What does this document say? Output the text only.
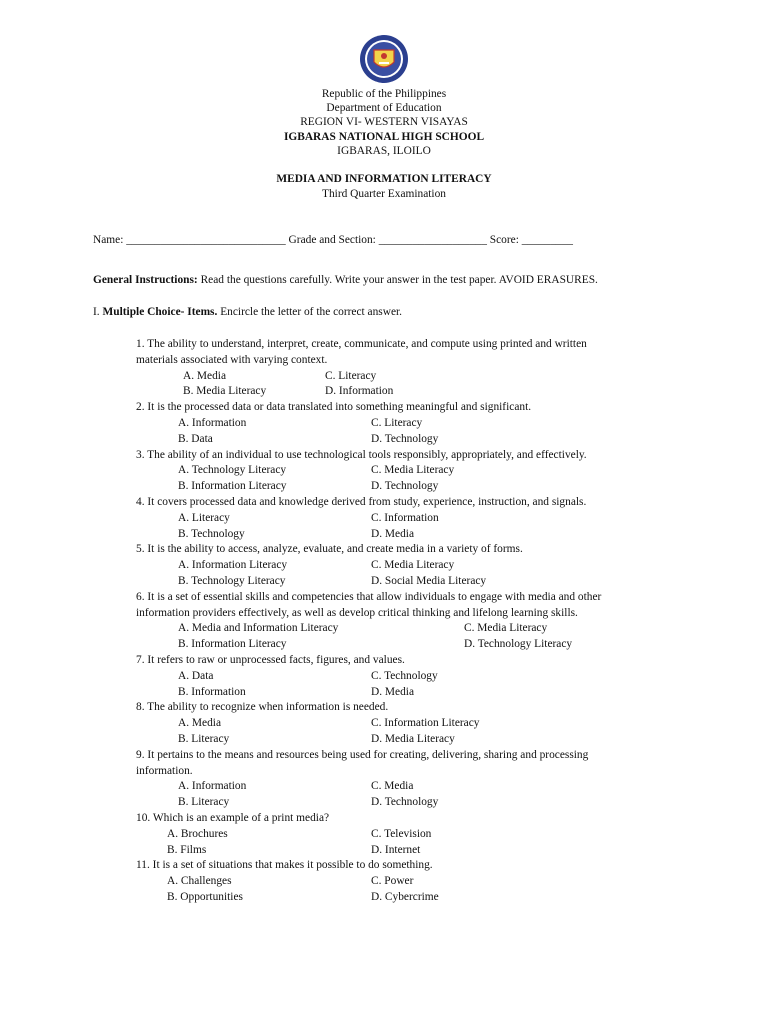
Republic of the Philippines
Department of Education
REGION VI- WESTERN VISAYAS
IGBARAS NATIONAL HIGH SCHOOL
IGBARAS, ILOILO
MEDIA AND INFORMATION LITERACY
Third Quarter Examination
Name: ____________________________ Grade and Section: ___________________ Score: _________
General Instructions: Read the questions carefully. Write your answer in the test paper. AVOID ERASURES.
I. Multiple Choice- Items. Encircle the letter of the correct answer.
1. The ability to understand, interpret, create, communicate, and compute using printed and written
materials associated with varying context.
A. Media	C. Literacy
B. Media Literacy	D. Information
2. It is the processed data or data translated into something meaningful and significant.
A. Information	C. Literacy
B. Data	D. Technology
3. The ability of an individual to use technological tools responsibly, appropriately, and effectively.
A. Technology Literacy	C. Media Literacy
B. Information Literacy	D. Technology
4. It covers processed data and knowledge derived from study, experience, instruction, and signals.
A. Literacy	C. Information
B. Technology	D. Media
5. It is the ability to access, analyze, evaluate, and create media in a variety of forms.
A. Information Literacy	C. Media Literacy
B. Technology Literacy	D. Social Media Literacy
6. It is a set of essential skills and competencies that allow individuals to engage with media and other
information providers effectively, as well as develop critical thinking and lifelong learning skills.
A. Media and Information Literacy	C. Media Literacy
B. Information Literacy	D. Technology Literacy
7. It refers to raw or unprocessed facts, figures, and values.
A. Data	C. Technology
B. Information	D. Media
8. The ability to recognize when information is needed.
A. Media	C. Information Literacy
B. Literacy	D. Media Literacy
9. It pertains to the means and resources being used for creating, delivering, sharing and processing
information.
A. Information	C. Media
B. Literacy	D. Technology
10. Which is an example of a print media?
A. Brochures	C. Television
B. Films	D. Internet
11. It is a set of situations that makes it possible to do something.
A. Challenges	C. Power
B. Opportunities	D. Cybercrime
